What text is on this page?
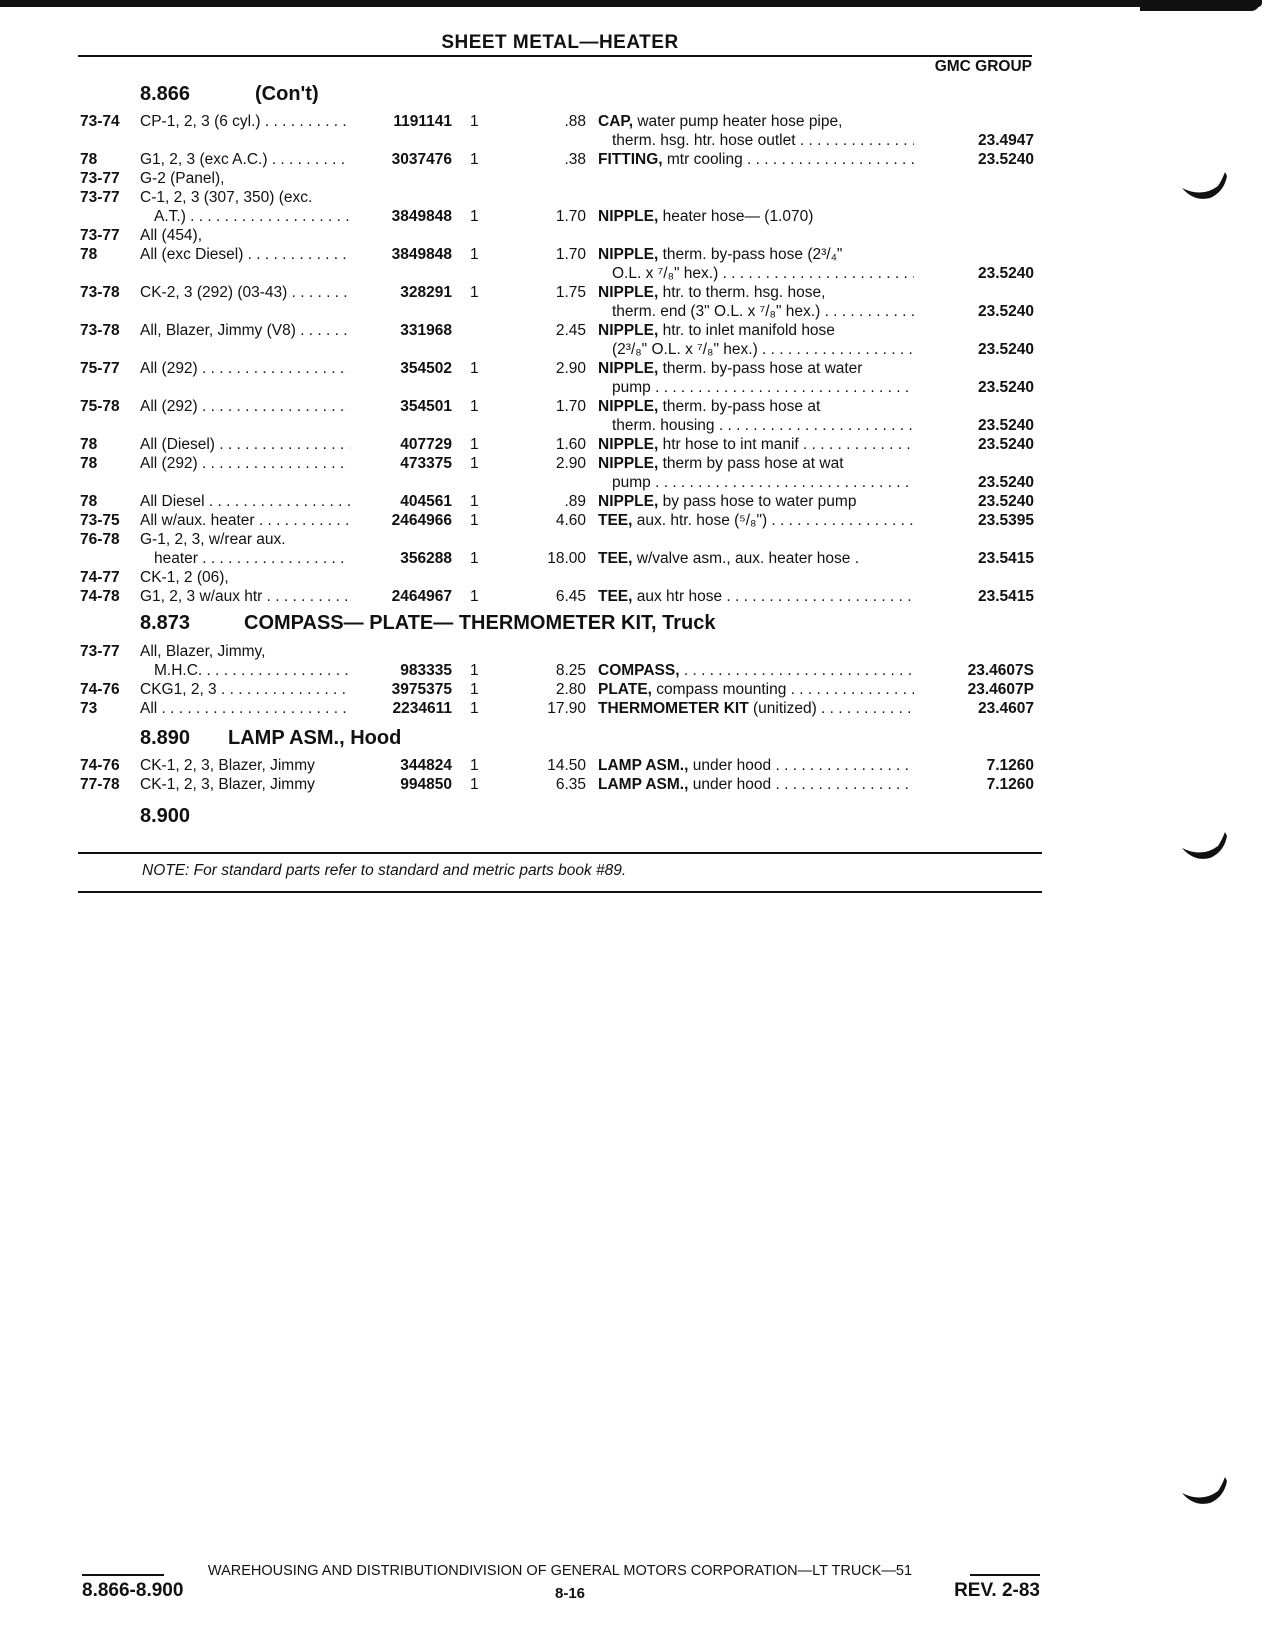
SHEET METAL—HEATER
GMC GROUP
8.866	(Con't)
73-74 CP-1, 2, 3 (6 cyl.) . . .	1191141 1	.88 CAP, water pump heater hose pipe,
therm. hsg. htr. hose outlet . . .	23.4947
78	G1, 2, 3 (exc A.C.) . . .	3037476 1	.38 FITTING, mtr cooling . . .	23.5240
73-77 G-2 (Panel),
73-77 C-1, 2, 3 (307, 350) (exc.
A.T.) . . .	3849848 1	1.70 NIPPLE, heater hose— (1.070)
73-77 All (454),
78	All (exc Diesel) . . .	3849848 1	1.70 NIPPLE, therm. by-pass hose (2³/₄"
O.L. x ⁷/₈" hex.) . . .	23.5240
73-78 CK-2, 3 (292) (03-43) . . .	328291 1	1.75 NIPPLE, htr. to therm. hsg. hose,
therm. end (3" O.L. x ⁷/₈" hex.) . . .	23.5240
73-78 All, Blazer, Jimmy (V8) . . .	331968	2.45 NIPPLE, htr. to inlet manifold hose
(2³/₈" O.L. x ⁷/₈" hex.) . . .	23.5240
75-77 All (292) . . .	354502 1	2.90 NIPPLE, therm. by-pass hose at water
pump . . .	23.5240
75-78 All (292) . . .	354501 1	1.70 NIPPLE, therm. by-pass hose at
therm. housing . . .	23.5240
78	All (Diesel) . . .	407729 1	1.60 NIPPLE, htr hose to int manif . . .	23.5240
78	All (292) . . .	473375 1	2.90 NIPPLE, therm by pass hose at wat
pump . . .	23.5240
78	All Diesel . . .	404561 1	.89 NIPPLE, by pass hose to water pump	23.5240
73-75 All w/aux. heater . . .	2464966 1	4.60 TEE, aux. htr. hose (⁵/₈") . . .	23.5395
76-78 G-1, 2, 3, w/rear aux.
heater . . .	356288 1	18.00 TEE, w/valve asm., aux. heater hose .	23.5415
74-77 CK-1, 2 (06),
74-78 G1, 2, 3 w/aux htr . . .	2464967 1	6.45 TEE, aux htr hose . . .	23.5415
8.873	COMPASS— PLATE— THERMOMETER KIT, Truck
73-77 All, Blazer, Jimmy,
M.H.C. . . .	983335 1	8.25 COMPASS, . . .	23.4607S
74-76 CKG1, 2, 3 . . .	3975375 1	2.80 PLATE, compass mounting . . .	23.4607P
73	All . . .	2234611 1	17.90 THERMOMETER KIT (unitized) . . .	23.4607
8.890 LAMP ASM., Hood
74-76 CK-1, 2, 3, Blazer, Jimmy	344824 1	14.50 LAMP ASM., under hood . . .	7.1260
77-78 CK-1, 2, 3, Blazer, Jimmy	994850 1	6.35 LAMP ASM., under hood . . .	7.1260
8.900
NOTE: For standard parts refer to standard and metric parts book #89.
WAREHOUSING AND DISTRIBUTIONDIVISION OF GENERAL MOTORS CORPORATION—LT TRUCK—51
8.866-8.900	8-16	REV. 2-83
